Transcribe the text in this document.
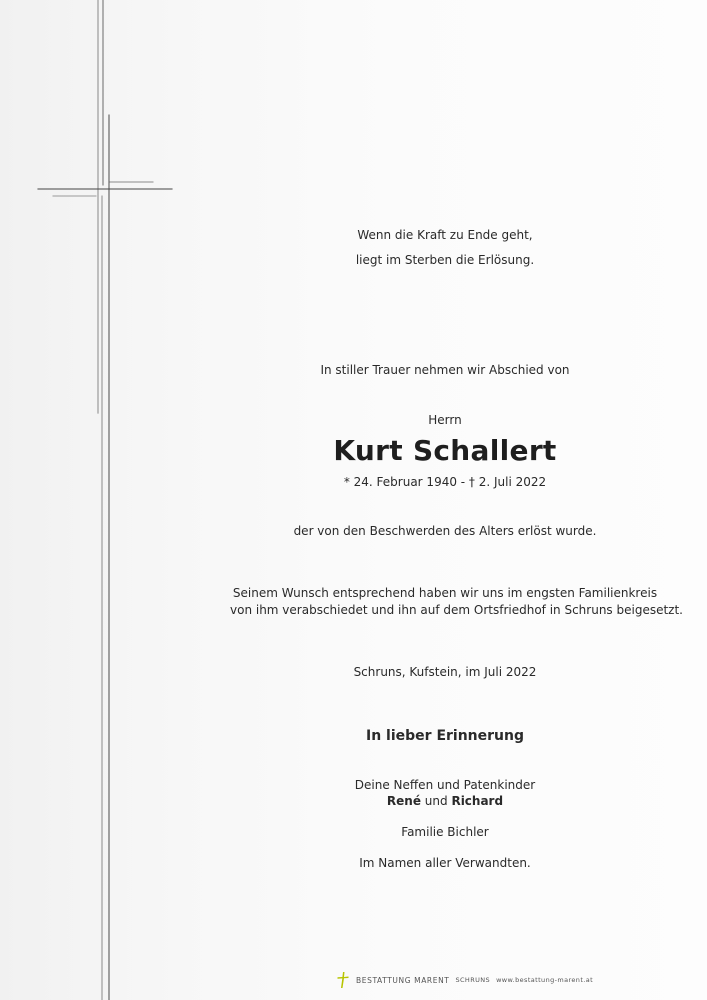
Wenn die Kraft zu Ende geht,

liegt im Sterben die Erlösung.

In stiller Trauer nehmen wir Abschied von

Herrn

Kurt Schallert

* 24. Februar 1940 - † 2. Juli 2022

der von den Beschwerden des Alters erlöst wurde.

Seinem Wunsch entsprechend haben wir uns im engsten Familienkreis

von ihm verabschiedet und ihn auf dem Ortsfriedhof in Schruns beigesetzt.

Schruns, Kufstein, im Juli 2022

In lieber Erinnerung

Deine Neffen und Patenkinder

René und Richard

Familie Bichler

Im Namen aller Verwandten.

BESTATTUNG MARENT SCHRUNS www.bestattung-marent.at
